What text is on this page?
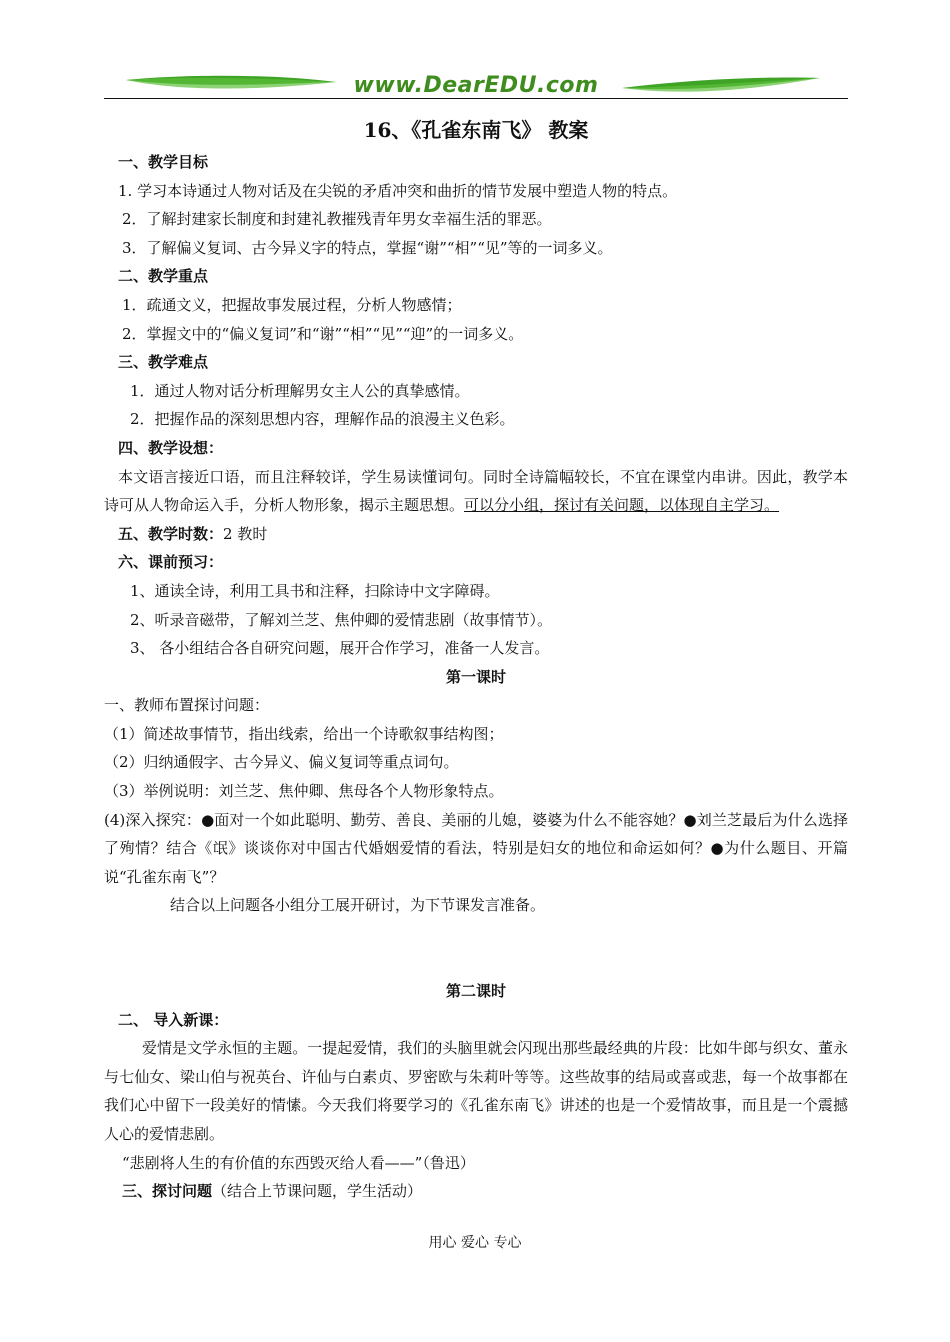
www.DearEDU.com
16、《孔雀东南飞》 教案
一、教学目标
1. 学习本诗通过人物对话及在尖锐的矛盾冲突和曲折的情节发展中塑造人物的特点。
2．了解封建家长制度和封建礼教摧残青年男女幸福生活的罪恶。
3．了解偏义复词、古今异义字的特点，掌握“谢”“相”“见”等的一词多义。
二、教学重点
1．疏通文义，把握故事发展过程，分析人物感情；
2．掌握文中的“偏义复词”和“谢”“相”“见”“迎”的一词多义。
三、教学难点
1．通过人物对话分析理解男女主人公的真挚感情。
2．把握作品的深刻思想内容，理解作品的浪漫主义色彩。
四、教学设想：
本文语言接近口语，而且注释较详，学生易读懂词句。同时全诗篇幅较长，不宜在课堂内串讲。因此，教学本诗可从人物命运入手，分析人物形象，揭示主题思想。可以分小组，探讨有关问题，以体现自主学习。
五、教学时数：2 教时
六、课前预习：
1、通读全诗，利用工具书和注释，扫除诗中文字障碍。
2、听录音磁带，了解刘兰芝、焦仲卿的爱情悲剧（故事情节）。
3、 各小组结合各自研究问题，展开合作学习，准备一人发言。
第一课时
一、教师布置探讨问题：
（1）简述故事情节，指出线索，给出一个诗歌叙事结构图；
（2）归纳通假字、古今异义、偏义复词等重点词句。
（3）举例说明：刘兰芝、焦仲卿、焦母各个人物形象特点。
(4)深入探究：●面对一个如此聪明、勤劳、善良、美丽的儿媳，婆婆为什么不能容她？●刘兰芝最后为什么选择了殉情？结合《氓》谈谈你对中国古代婚姻爱情的看法，特别是妇女的地位和命运如何？●为什么题目、开篇说“孔雀东南飞”？
结合以上问题各小组分工展开研讨，为下节课发言准备。
第二课时
二、 导入新课：
爱情是文学永恒的主题。一提起爱情，我们的头脑里就会闪现出那些最经典的片段：比如牛郎与织女、董永与七仙女、梁山伯与祝英台、许仙与白素贞、罗密欧与朱莉叶等等。这些故事的结局或喜或悲，每一个故事都在我们心中留下一段美好的情愫。今天我们将要学习的《孔雀东南飞》讲述的也是一个爱情故事，而且是一个震撼人心的爱情悲剧。
“悲剧将人生的有价值的东西毁灭给人看——”（鲁迅）
三、探讨问题（结合上节课问题，学生活动）
用心 爱心 专心
